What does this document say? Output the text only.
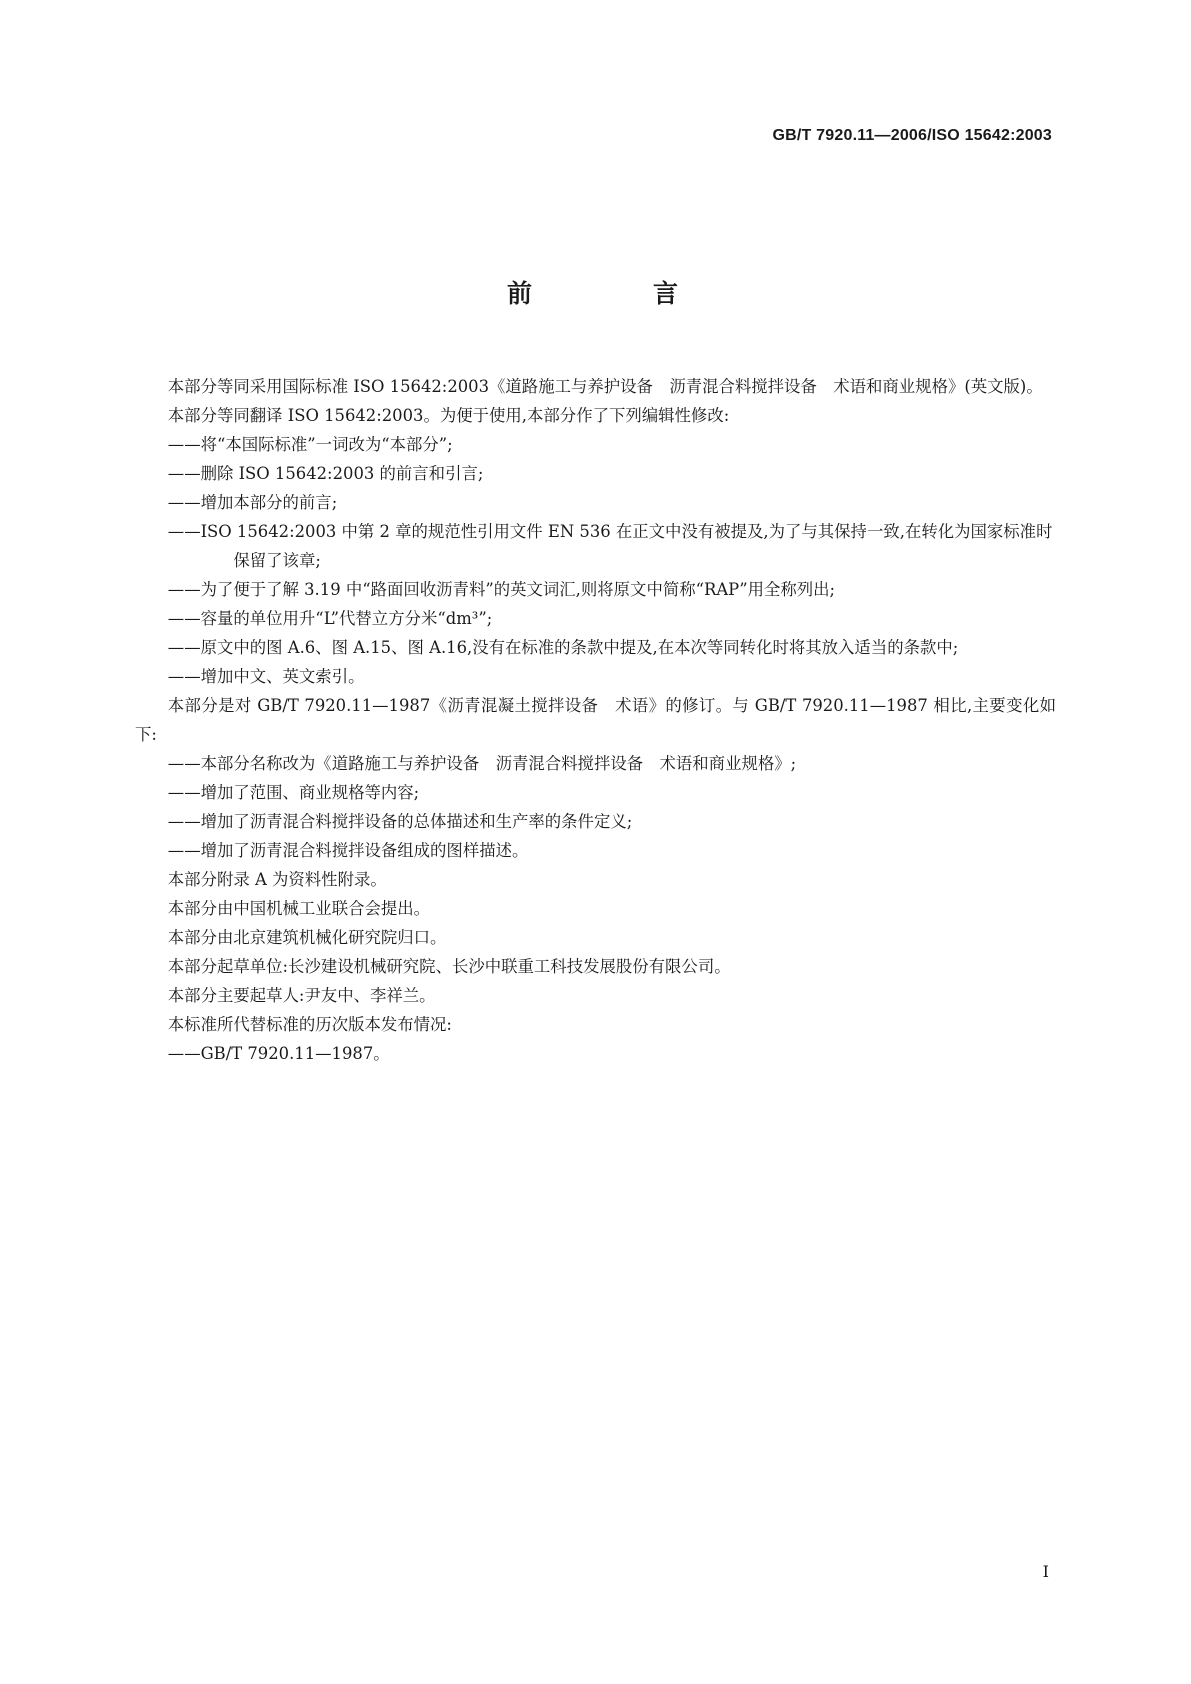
GB/T 7920.11—2006/ISO 15642:2003
前　言

本部分等同采用国际标准 ISO 15642:2003《道路施工与养护设备　沥青混合料搅拌设备　术语和商业规格》(英文版)。

本部分等同翻译 ISO 15642:2003。为便于使用,本部分作了下列编辑性修改:

——将“本国际标准”一词改为“本部分”;

——删除 ISO 15642:2003 的前言和引言;

——增加本部分的前言;

——ISO 15642:2003 中第 2 章的规范性引用文件 EN 536 在正文中没有被提及,为了与其保持一致,在转化为国家标准时保留了该章;

——为了便于了解 3.19 中“路面回收沥青料”的英文词汇,则将原文中简称“RAP”用全称列出;

——容量的单位用升“L”代替立方分米“dm³”;

——原文中的图 A.6、图 A.15、图 A.16,没有在标准的条款中提及,在本次等同转化时将其放入适当的条款中;

——增加中文、英文索引。

本部分是对 GB/T 7920.11—1987《沥青混凝土搅拌设备　术语》的修订。与 GB/T 7920.11—1987 相比,主要变化如下:

——本部分名称改为《道路施工与养护设备　沥青混合料搅拌设备　术语和商业规格》;

——增加了范围、商业规格等内容;

——增加了沥青混合料搅拌设备的总体描述和生产率的条件定义;

——增加了沥青混合料搅拌设备组成的图样描述。

本部分附录 A 为资料性附录。

本部分由中国机械工业联合会提出。

本部分由北京建筑机械化研究院归口。

本部分起草单位:长沙建设机械研究院、长沙中联重工科技发展股份有限公司。

本部分主要起草人:尹友中、李祥兰。

本标准所代替标准的历次版本发布情况:

——GB/T 7920.11—1987。

I
